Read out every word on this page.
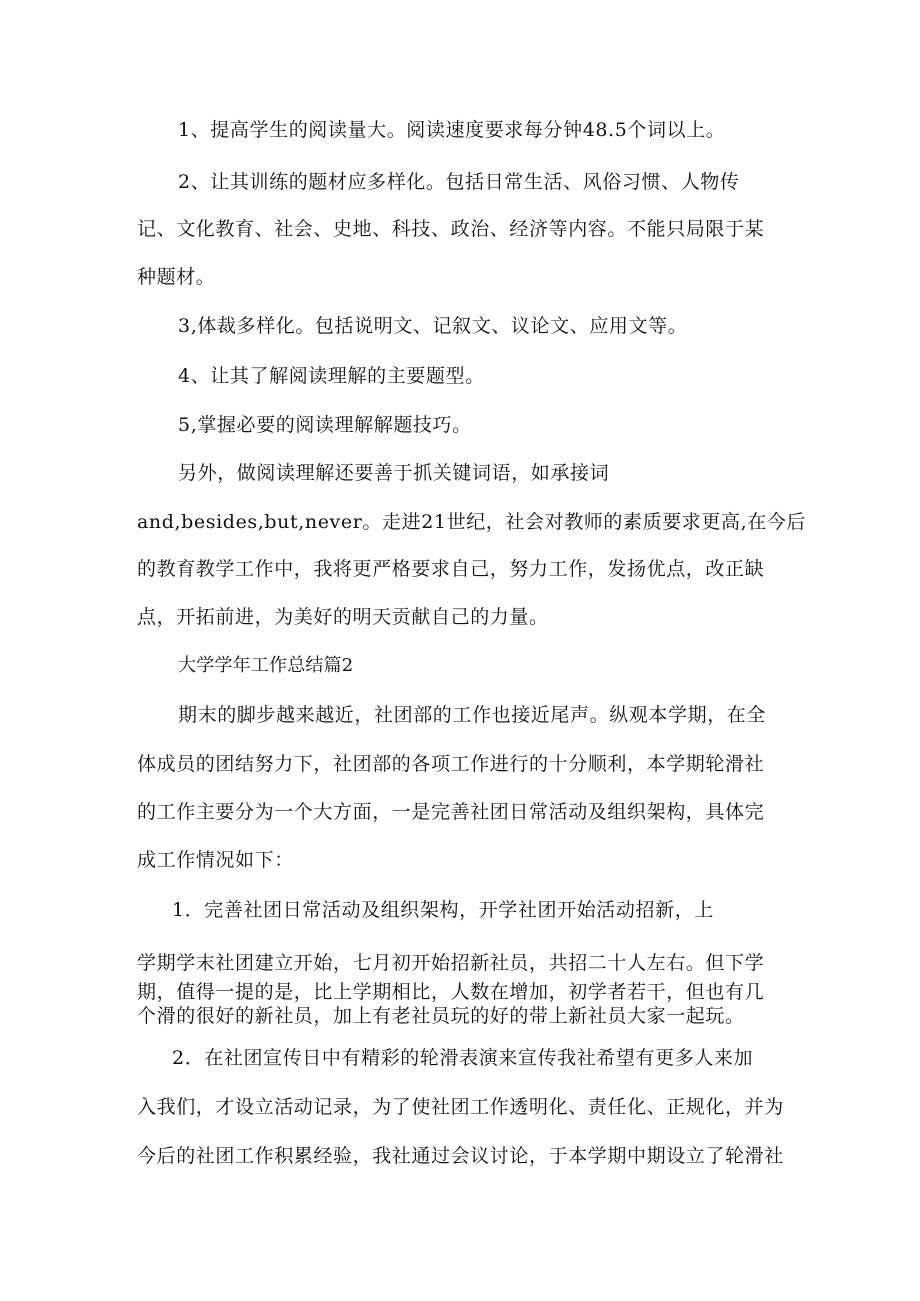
1、提高学生的阅读量大。阅读速度要求每分钟48.5个词以上。
2、让其训练的题材应多样化。包括日常生活、风俗习惯、人物传
记、文化教育、社会、史地、科技、政治、经济等内容。不能只局限于某
种题材。
3,体裁多样化。包括说明文、记叙文、议论文、应用文等。
4、让其了解阅读理解的主要题型。
5,掌握必要的阅读理解解题技巧。
另外，做阅读理解还要善于抓关键词语，如承接词
and,besides,but,never。走进21世纪，社会对教师的素质要求更高,在今后
的教育教学工作中，我将更严格要求自己，努力工作，发扬优点，改正缺
点，开拓前进，为美好的明天贡献自己的力量。
大学学年工作总结篇2
期末的脚步越来越近，社团部的工作也接近尾声。纵观本学期，在全
体成员的团结努力下，社团部的各项工作进行的十分顺利，本学期轮滑社
的工作主要分为一个大方面，一是完善社团日常活动及组织架构，具体完
成工作情况如下：
1．完善社团日常活动及组织架构，开学社团开始活动招新，上
学期学末社团建立开始，七月初开始招新社员，共招二十人左右。但下学
期，值得一提的是，比上学期相比，人数在增加，初学者若干，但也有几
个滑的很好的新社员，加上有老社员玩的好的带上新社员大家一起玩。
2．在社团宣传日中有精彩的轮滑表演来宣传我社希望有更多人来加
入我们，才设立活动记录，为了使社团工作透明化、责任化、正规化，并为
今后的社团工作积累经验，我社通过会议讨论，于本学期中期设立了轮滑社
